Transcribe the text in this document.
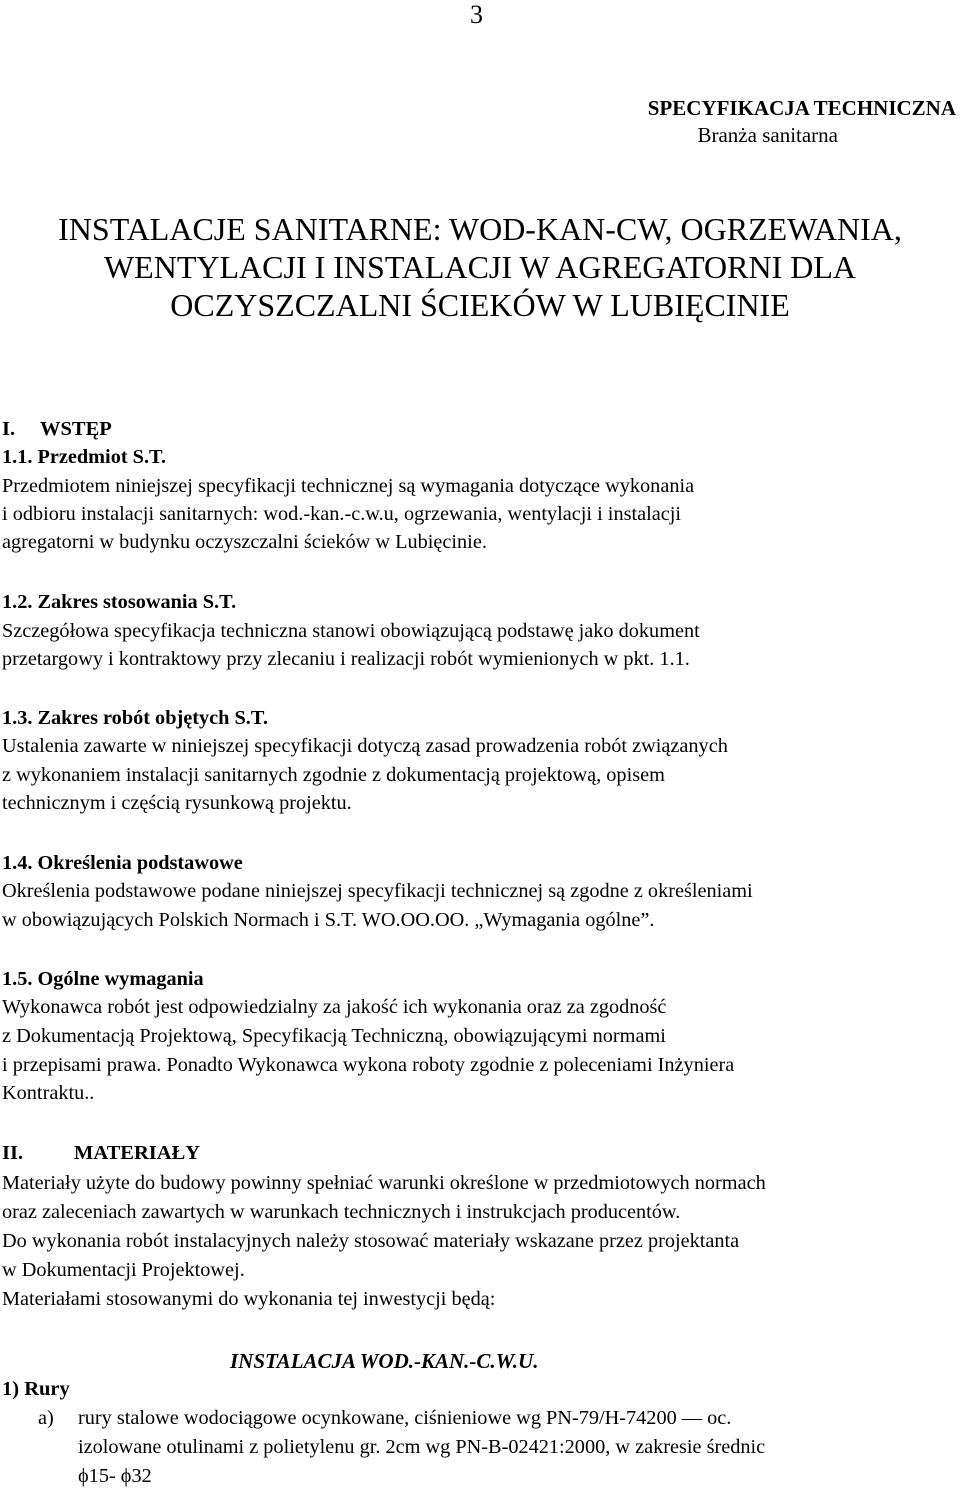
3
SPECYFIKACJA TECHNICZNA
Branża sanitarna
INSTALACJE SANITARNE: WOD-KAN-CW, OGRZEWANIA,
WENTYLACJI I INSTALACJI W AGREGATORNI DLA
OCZYSZCZALNI ŚCIEKÓW W LUBIĘCINIE
I. WSTĘP
1.1. Przedmiot S.T.
Przedmiotem niniejszej specyfikacji technicznej są wymagania dotyczące wykonania
i odbioru instalacji sanitarnych: wod.-kan.-c.w.u, ogrzewania, wentylacji i instalacji
agregatorni w budynku oczyszczalni ścieków w Lubięcinie.
1.2. Zakres stosowania S.T.
Szczegółowa specyfikacja techniczna stanowi obowiązującą podstawę jako dokument
przetargowy i kontraktowy przy zlecaniu i realizacji robót wymienionych w pkt. 1.1.
1.3. Zakres robót objętych S.T.
Ustalenia zawarte w niniejszej specyfikacji dotyczą zasad prowadzenia robót związanych
z wykonaniem instalacji sanitarnych zgodnie z dokumentacją projektową, opisem
technicznym i częścią rysunkową projektu.
1.4. Określenia podstawowe
Określenia podstawowe podane niniejszej specyfikacji technicznej są zgodne z określeniami
w obowiązujących Polskich Normach i S.T. WO.OO.OO. „Wymagania ogólne”.
1.5. Ogólne wymagania
Wykonawca robót jest odpowiedzialny za jakość ich wykonania oraz za zgodność
z Dokumentacją Projektową, Specyfikacją Techniczną, obowiązującymi normami
i przepisami prawa. Ponadto Wykonawca wykona roboty zgodnie z poleceniami Inżyniera
Kontraktu..
II. MATERIAŁY
Materiały użyte do budowy powinny spełniać warunki określone w przedmiotowych normach
oraz zaleceniach zawartych w warunkach technicznych i instrukcjach producentów.
Do wykonania robót instalacyjnych należy stosować materiały wskazane przez projektanta
w Dokumentacji Projektowej.
Materiałami stosowanymi do wykonania tej inwestycji będą:
INSTALACJA WOD.-KAN.-C.W.U.
1) Rury
a) rury stalowe wodociągowe ocynkowane, ciśnieniowe wg PN-79/H-74200 — oc.
izolowane otulinami z polietylenu gr. 2cm wg PN-B-02421:2000, w zakresie średnic
ϕ15- ϕ32
